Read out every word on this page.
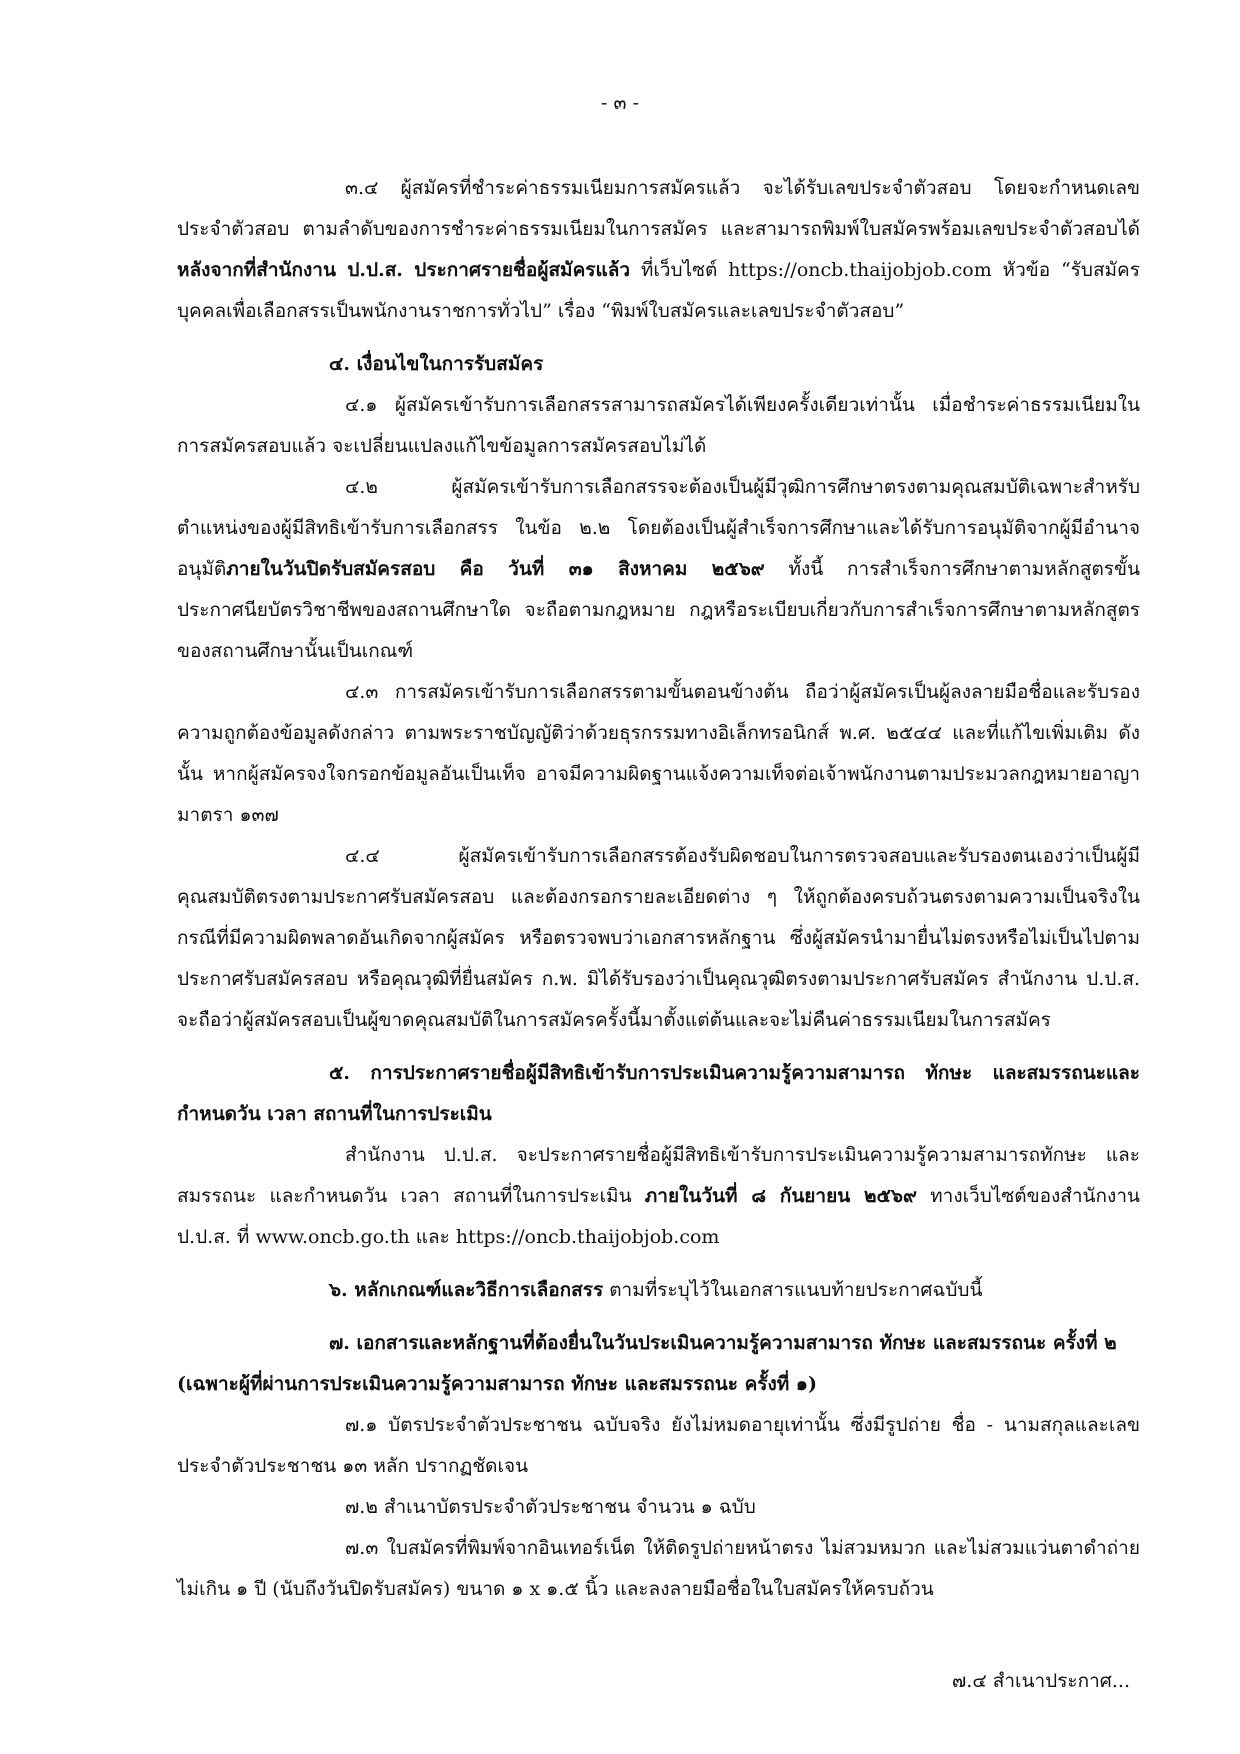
- ๓ -

๓.๔ ผู้สมัครที่ชำระค่าธรรมเนียมการสมัครแล้ว จะได้รับเลขประจำตัวสอบ โดยจะกำหนดเลขประจำตัวสอบ ตามลำดับของการชำระค่าธรรมเนียมในการสมัคร และสามารถพิมพ์ใบสมัครพร้อมเลขประจำตัวสอบได้ หลังจากที่สำนักงาน ป.ป.ส. ประกาศรายชื่อผู้สมัครแล้ว ที่เว็บไซต์ https://oncb.thaijobjob.com หัวข้อ “รับสมัครบุคคลเพื่อเลือกสรรเป็นพนักงานราชการทั่วไป” เรื่อง “พิมพ์ใบสมัครและเลขประจำตัวสอบ”

๔. เงื่อนไขในการรับสมัคร

๔.๑ ผู้สมัครเข้ารับการเลือกสรรสามารถสมัครได้เพียงครั้งเดียวเท่านั้น เมื่อชำระค่าธรรมเนียมในการสมัครสอบแล้ว จะเปลี่ยนแปลงแก้ไขข้อมูลการสมัครสอบไม่ได้

๔.๒ ผู้สมัครเข้ารับการเลือกสรรจะต้องเป็นผู้มีวุฒิการศึกษาตรงตามคุณสมบัติเฉพาะสำหรับตำแหน่งของผู้มีสิทธิเข้ารับการเลือกสรร ในข้อ ๒.๒ โดยต้องเป็นผู้สำเร็จการศึกษาและได้รับการอนุมัติจากผู้มีอำนาจอนุมัติภายในวันปิดรับสมัครสอบ คือ วันที่ ๓๑ สิงหาคม ๒๕๖๙ ทั้งนี้ การสำเร็จการศึกษาตามหลักสูตรขั้นประกาศนียบัตรวิชาชีพของสถานศึกษาใด จะถือตามกฎหมาย กฎหรือระเบียบเกี่ยวกับการสำเร็จการศึกษาตามหลักสูตรของสถานศึกษานั้นเป็นเกณฑ์

๔.๓ การสมัครเข้ารับการเลือกสรรตามขั้นตอนข้างต้น ถือว่าผู้สมัครเป็นผู้ลงลายมือชื่อและรับรองความถูกต้องข้อมูลดังกล่าว ตามพระราชบัญญัติว่าด้วยธุรกรรมทางอิเล็กทรอนิกส์ พ.ศ. ๒๕๔๔ และที่แก้ไขเพิ่มเติม ดังนั้น หากผู้สมัครจงใจกรอกข้อมูลอันเป็นเท็จ อาจมีความผิดฐานแจ้งความเท็จต่อเจ้าพนักงานตามประมวลกฎหมายอาญา มาตรา ๑๓๗

๔.๔ ผู้สมัครเข้ารับการเลือกสรรต้องรับผิดชอบในการตรวจสอบและรับรองตนเองว่าเป็นผู้มีคุณสมบัติตรงตามประกาศรับสมัครสอบ และต้องกรอกรายละเอียดต่าง ๆ ให้ถูกต้องครบถ้วนตรงตามความเป็นจริงในกรณีที่มีความผิดพลาดอันเกิดจากผู้สมัคร หรือตรวจพบว่าเอกสารหลักฐาน ซึ่งผู้สมัครนำมายื่นไม่ตรงหรือไม่เป็นไปตามประกาศรับสมัครสอบ หรือคุณวุฒิที่ยื่นสมัคร ก.พ. มิได้รับรองว่าเป็นคุณวุฒิตรงตามประกาศรับสมัคร สำนักงาน ป.ป.ส. จะถือว่าผู้สมัครสอบเป็นผู้ขาดคุณสมบัติในการสมัครครั้งนี้มาตั้งแต่ต้นและจะไม่คืนค่าธรรมเนียมในการสมัคร

๕. การประกาศรายชื่อผู้มีสิทธิเข้ารับการประเมินความรู้ความสามารถ ทักษะ และสมรรถนะและกำหนดวัน เวลา สถานที่ในการประเมิน

สำนักงาน ป.ป.ส. จะประกาศรายชื่อผู้มีสิทธิเข้ารับการประเมินความรู้ความสามารถทักษะ และสมรรถนะ และกำหนดวัน เวลา สถานที่ในการประเมิน ภายในวันที่ ๘ กันยายน ๒๕๖๙ ทางเว็บไซต์ของสำนักงาน ป.ป.ส. ที่ www.oncb.go.th และ https://oncb.thaijobjob.com

๖. หลักเกณฑ์และวิธีการเลือกสรร ตามที่ระบุไว้ในเอกสารแนบท้ายประกาศฉบับนี้

๗. เอกสารและหลักฐานที่ต้องยื่นในวันประเมินความรู้ความสามารถ ทักษะ และสมรรถนะ ครั้งที่ ๒
(เฉพาะผู้ที่ผ่านการประเมินความรู้ความสามารถ ทักษะ และสมรรถนะ ครั้งที่ ๑)

๗.๑ บัตรประจำตัวประชาชน ฉบับจริง ยังไม่หมดอายุเท่านั้น ซึ่งมีรูปถ่าย ชื่อ - นามสกุลและเลขประจำตัวประชาชน ๑๓ หลัก ปรากฏชัดเจน

๗.๒ สำเนาบัตรประจำตัวประชาชน จำนวน ๑ ฉบับ

๗.๓ ใบสมัครที่พิมพ์จากอินเทอร์เน็ต ให้ติดรูปถ่ายหน้าตรง ไม่สวมหมวก และไม่สวมแว่นตาดำถ่ายไม่เกิน ๑ ปี (นับถึงวันปิดรับสมัคร) ขนาด ๑ x ๑.๕ นิ้ว และลงลายมือชื่อในใบสมัครให้ครบถ้วน

๗.๔ สำเนาประกาศ...
